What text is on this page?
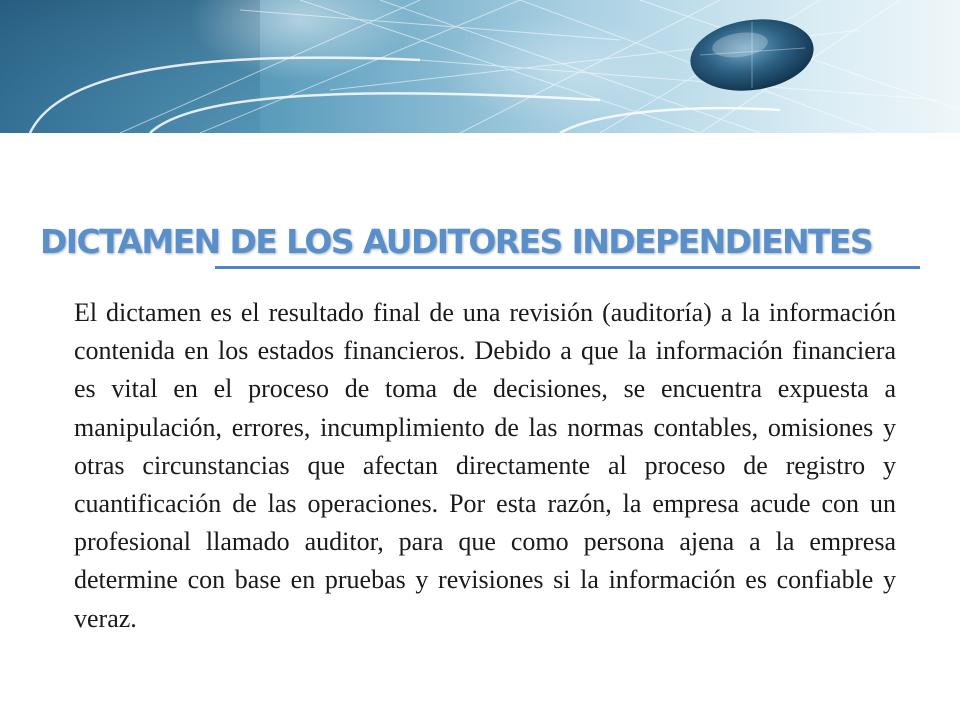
DICTAMEN DE LOS AUDITORES INDEPENDIENTES

El dictamen es el resultado final de una revisión (auditoría) a la información contenida en los estados financieros. Debido a que la información financiera es vital en el proceso de toma de decisiones, se encuentra expuesta a manipulación, errores, incumplimiento de las normas contables, omisiones y otras circunstancias que afectan directamente al proceso de registro y cuantificación de las operaciones. Por esta razón, la empresa acude con un profesional llamado auditor, para que como persona ajena a la empresa determine con base en pruebas y revisiones si la información es confiable y veraz.
